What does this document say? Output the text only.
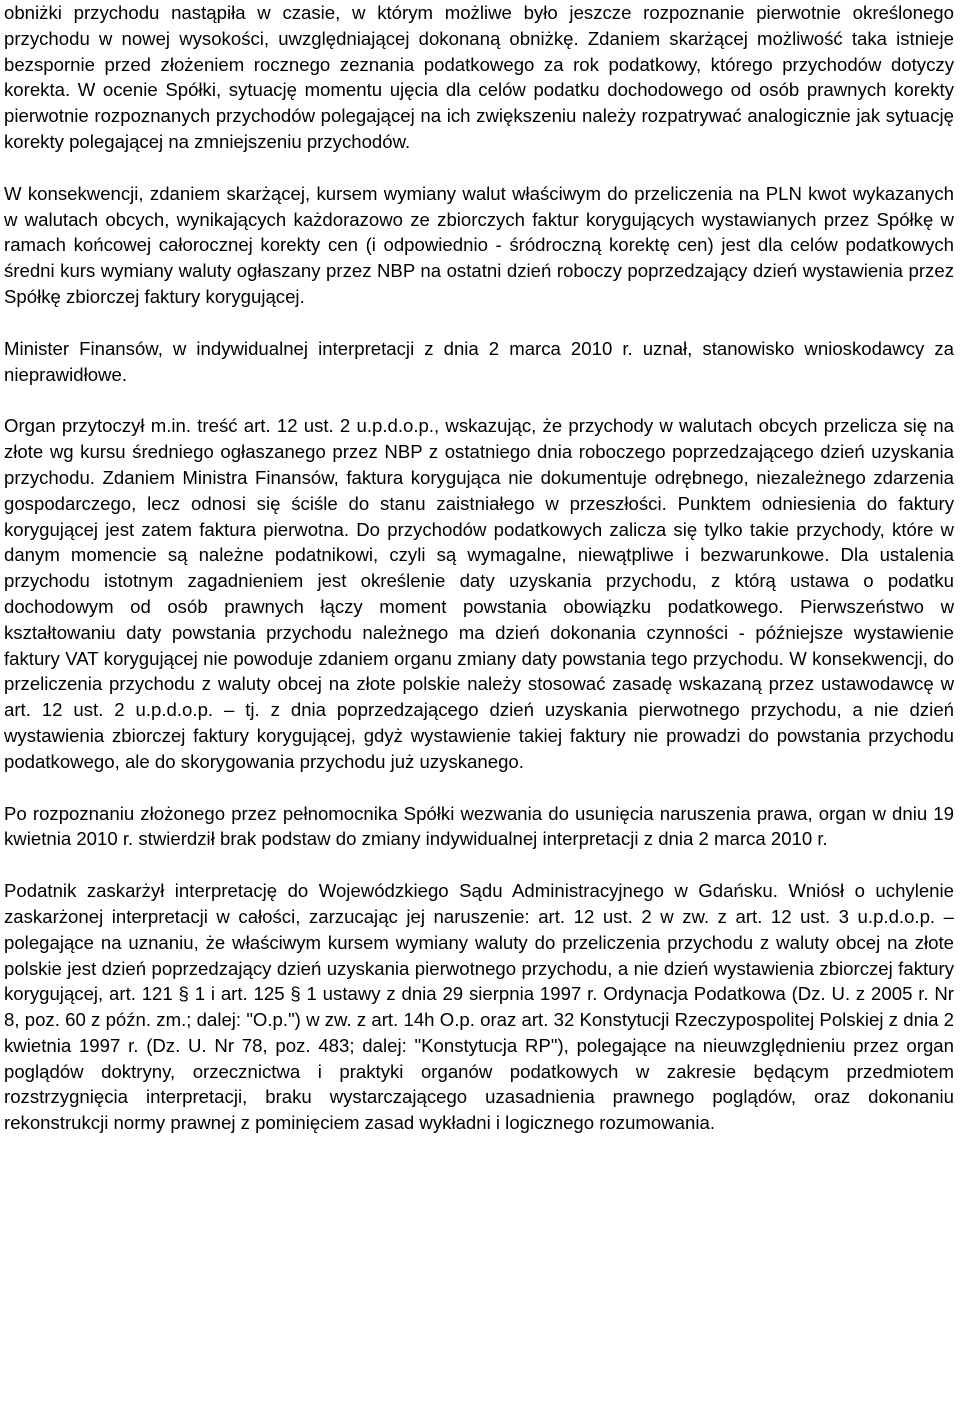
obniżki przychodu nastąpiła w czasie, w którym możliwe było jeszcze rozpoznanie pierwotnie określonego przychodu w nowej wysokości, uwzględniającej dokonaną obniżkę. Zdaniem skarżącej możliwość taka istnieje bezspornie przed złożeniem rocznego zeznania podatkowego za rok podatkowy, którego przychodów dotyczy korekta. W ocenie Spółki, sytuację momentu ujęcia dla celów podatku dochodowego od osób prawnych korekty pierwotnie rozpoznanych przychodów polegającej na ich zwiększeniu należy rozpatrywać analogicznie jak sytuację korekty polegającej na zmniejszeniu przychodów.

W konsekwencji, zdaniem skarżącej, kursem wymiany walut właściwym do przeliczenia na PLN kwot wykazanych w walutach obcych, wynikających każdorazowo ze zbiorczych faktur korygujących wystawianych przez Spółkę w ramach końcowej całorocznej korekty cen (i odpowiednio - śródroczną korektę cen) jest dla celów podatkowych średni kurs wymiany waluty ogłaszany przez NBP na ostatni dzień roboczy poprzedzający dzień wystawienia przez Spółkę zbiorczej faktury korygującej.

Minister Finansów, w indywidualnej interpretacji z dnia 2 marca 2010 r. uznał, stanowisko wnioskodawcy za nieprawidłowe.

Organ przytoczył m.in. treść art. 12 ust. 2 u.p.d.o.p., wskazując, że przychody w walutach obcych przelicza się na złote wg kursu średniego ogłaszanego przez NBP z ostatniego dnia roboczego poprzedzającego dzień uzyskania przychodu. Zdaniem Ministra Finansów, faktura korygująca nie dokumentuje odrębnego, niezależnego zdarzenia gospodarczego, lecz odnosi się ściśle do stanu zaistniałego w przeszłości. Punktem odniesienia do faktury korygującej jest zatem faktura pierwotna. Do przychodów podatkowych zalicza się tylko takie przychody, które w danym momencie są należne podatnikowi, czyli są wymagalne, niewątpliwe i bezwarunkowe. Dla ustalenia przychodu istotnym zagadnieniem jest określenie daty uzyskania przychodu, z którą ustawa o podatku dochodowym od osób prawnych łączy moment powstania obowiązku podatkowego. Pierwszeństwo w kształtowaniu daty powstania przychodu należnego ma dzień dokonania czynności - późniejsze wystawienie faktury VAT korygującej nie powoduje zdaniem organu zmiany daty powstania tego przychodu. W konsekwencji, do przeliczenia przychodu z waluty obcej na złote polskie należy stosować zasadę wskazaną przez ustawodawcę w art. 12 ust. 2 u.p.d.o.p. – tj. z dnia poprzedzającego dzień uzyskania pierwotnego przychodu, a nie dzień wystawienia zbiorczej faktury korygującej, gdyż wystawienie takiej faktury nie prowadzi do powstania przychodu podatkowego, ale do skorygowania przychodu już uzyskanego.

Po rozpoznaniu złożonego przez pełnomocnika Spółki wezwania do usunięcia naruszenia prawa, organ w dniu 19 kwietnia 2010 r. stwierdził brak podstaw do zmiany indywidualnej interpretacji z dnia 2 marca 2010 r.

Podatnik zaskarżył interpretację do Wojewódzkiego Sądu Administracyjnego w Gdańsku. Wniósł o uchylenie zaskarżonej interpretacji w całości, zarzucając jej naruszenie: art. 12 ust. 2 w zw. z art. 12 ust. 3 u.p.d.o.p. – polegające na uznaniu, że właściwym kursem wymiany waluty do przeliczenia przychodu z waluty obcej na złote polskie jest dzień poprzedzający dzień uzyskania pierwotnego przychodu, a nie dzień wystawienia zbiorczej faktury korygującej, art. 121 § 1 i art. 125 § 1 ustawy z dnia 29 sierpnia 1997 r. Ordynacja Podatkowa (Dz. U. z 2005 r. Nr 8, poz. 60 z późn. zm.; dalej: "O.p.") w zw. z art. 14h O.p. oraz art. 32 Konstytucji Rzeczypospolitej Polskiej z dnia 2 kwietnia 1997 r. (Dz. U. Nr 78, poz. 483; dalej: "Konstytucja RP"), polegające na nieuwzględnieniu przez organ poglądów doktryny, orzecznictwa i praktyki organów podatkowych w zakresie będącym przedmiotem rozstrzygnięcia interpretacji, braku wystarczającego uzasadnienia prawnego poglądów, oraz dokonaniu rekonstrukcji normy prawnej z pominięciem zasad wykładni i logicznego rozumowania.
